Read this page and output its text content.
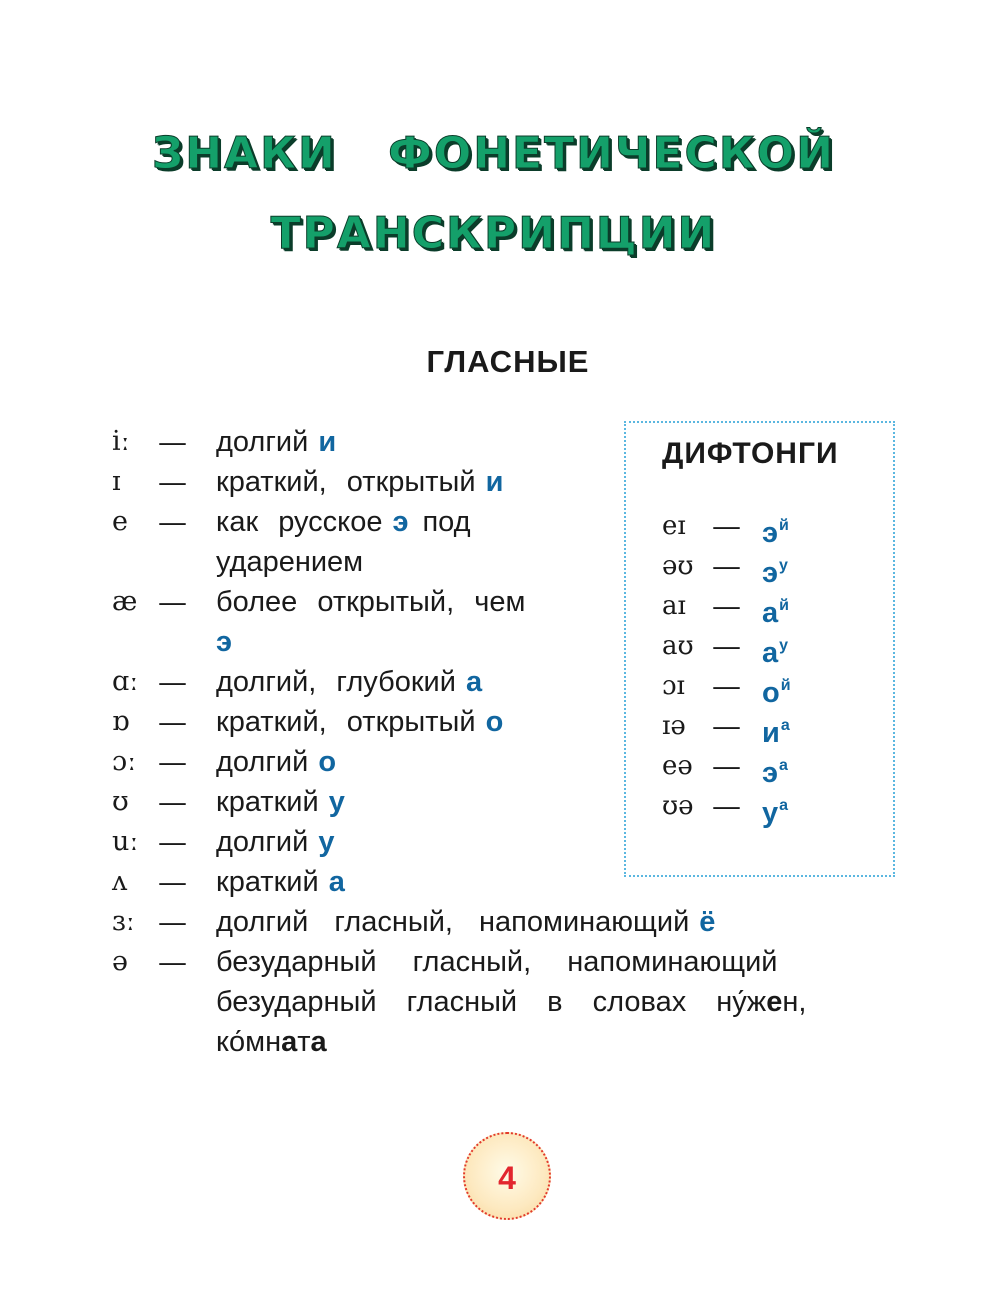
ЗНАКИ ФОНЕТИЧЕСКОЙ
ТРАНСКРИПЦИИ
ГЛАСНЫЕ
iː — долгий и
ɪ — краткий, открытый и
e — как русское э под
ударением
æ — более открытый, чем
э
ɑː — долгий, глубокий а
ɒ — краткий, открытый о
ɔː — долгий о
ʊ — краткий у
uː — долгий у
ʌ — краткий а
ɜː — долгий гласный, напоминающий ё
ə — безударный гласный, напоминающий
безударный гласный в словах ну́жен,
ко́мната
ДИФТОНГИ
eɪ — $э^й$
əʊ — $э^у$
aɪ — $а^й$
aʊ — $а^у$
ɔɪ — $о^й$
ɪə — $и^а$
eə — $э^а$
ʊə — $у^а$
4
